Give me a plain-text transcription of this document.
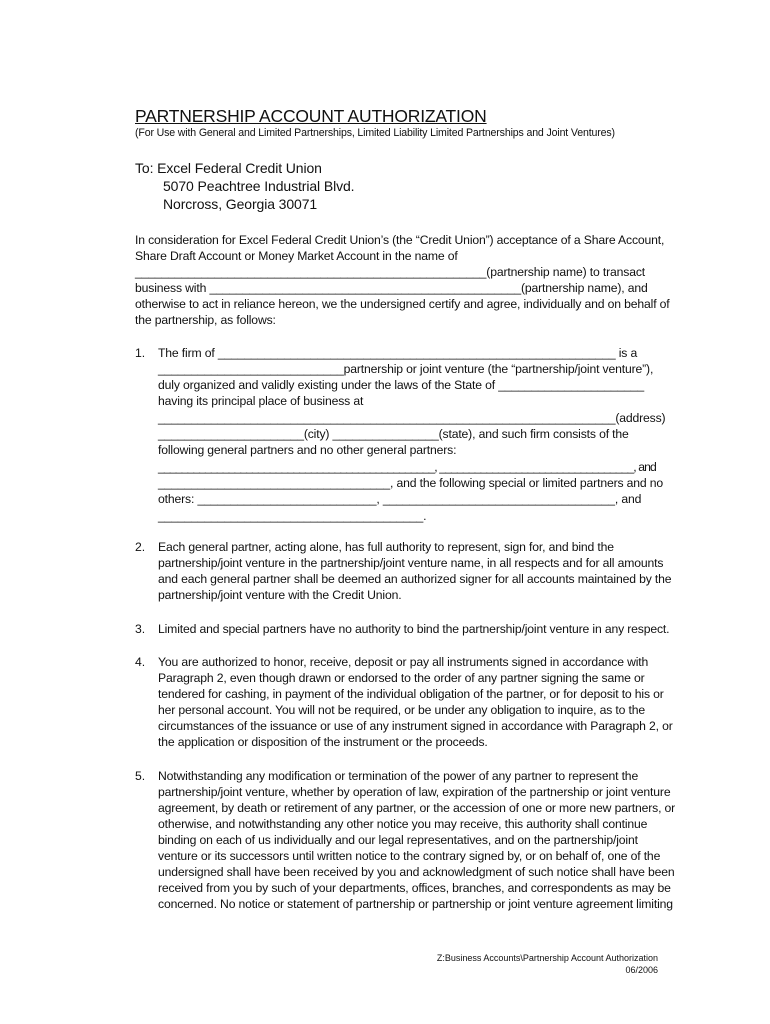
PARTNERSHIP ACCOUNT AUTHORIZATION
(For Use with General and Limited Partnerships, Limited Liability Limited Partnerships and Joint Ventures)
To: Excel Federal Credit Union
5070 Peachtree Industrial Blvd.
Norcross, Georgia 30071
In consideration for Excel Federal Credit Union’s (the “Credit Union”) acceptance of a Share Account,
Share Draft Account or Money Market Account in the name of
_____________________________________________________(partnership name) to transact
business with _______________________________________________(partnership name), and
otherwise to act in reliance hereon, we the undersigned certify and agree, individually and on behalf of
the partnership, as follows:
1. The firm of ____________________________________________________________ is a
____________________________partnership or joint venture (the “partnership/joint venture”),
duly organized and validly existing under the laws of the State of ______________________
having its principal place of business at
_____________________________________________________________________(address)
______________________(city) ________________(state), and such firm consists of the
following general partners and no other general partners:
_______________________________________________, _________________________________, and
___________________________________, and the following special or limited partners and no
others: ___________________________, ___________________________________, and
________________________________________.
2. Each general partner, acting alone, has full authority to represent, sign for, and bind the
partnership/joint venture in the partnership/joint venture name, in all respects and for all amounts
and each general partner shall be deemed an authorized signer for all accounts maintained by the
partnership/joint venture with the Credit Union.
3. Limited and special partners have no authority to bind the partnership/joint venture in any respect.
4. You are authorized to honor, receive, deposit or pay all instruments signed in accordance with
Paragraph 2, even though drawn or endorsed to the order of any partner signing the same or
tendered for cashing, in payment of the individual obligation of the partner, or for deposit to his or
her personal account. You will not be required, or be under any obligation to inquire, as to the
circumstances of the issuance or use of any instrument signed in accordance with Paragraph 2, or
the application or disposition of the instrument or the proceeds.
5. Notwithstanding any modification or termination of the power of any partner to represent the
partnership/joint venture, whether by operation of law, expiration of the partnership or joint venture
agreement, by death or retirement of any partner, or the accession of one or more new partners, or
otherwise, and notwithstanding any other notice you may receive, this authority shall continue
binding on each of us individually and our legal representatives, and on the partnership/joint
venture or its successors until written notice to the contrary signed by, or on behalf of, one of the
undersigned shall have been received by you and acknowledgment of such notice shall have been
received from you by such of your departments, offices, branches, and correspondents as may be
concerned. No notice or statement of partnership or partnership or joint venture agreement limiting
Z:Business Accounts\Partnership Account Authorization
06/2006
